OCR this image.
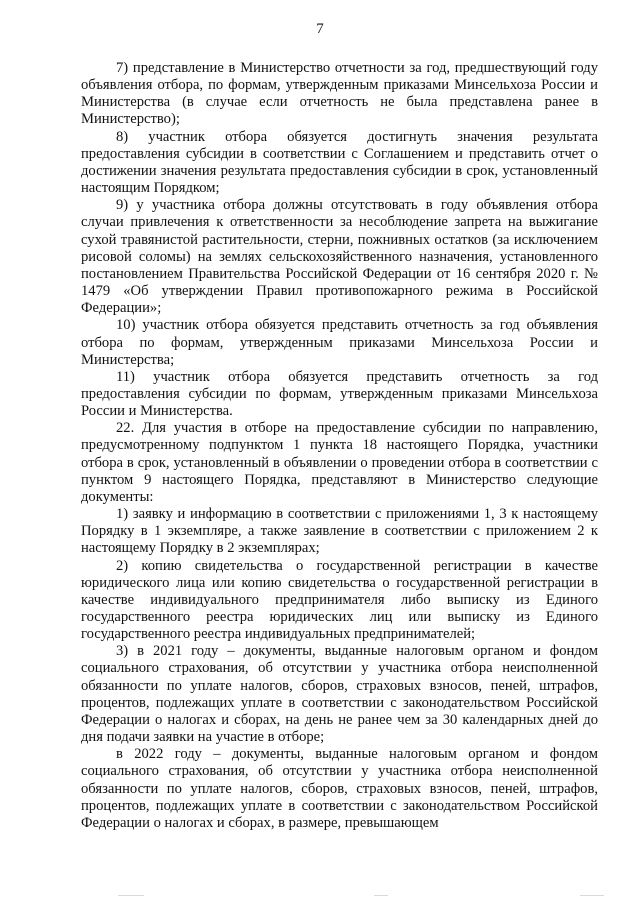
7

7) представление в Министерство отчетности за год, предшествующий году объявления отбора, по формам, утвержденным приказами Минсельхоза России и Министерства (в случае если отчетность не была представлена ранее в Министерство);

8) участник отбора обязуется достигнуть значения результата предоставления субсидии в соответствии с Соглашением и представить отчет о достижении значения результата предоставления субсидии в срок, установленный настоящим Порядком;

9) у участника отбора должны отсутствовать в году объявления отбора случаи привлечения к ответственности за несоблюдение запрета на выжигание сухой травянистой растительности, стерни, пожнивных остатков (за исключением рисовой соломы) на землях сельскохозяйственного назначения, установленного постановлением Правительства Российской Федерации от 16 сентября 2020 г. № 1479 «Об утверждении Правил противопожарного режима в Российской Федерации»;

10) участник отбора обязуется представить отчетность за год объявления отбора по формам, утвержденным приказами Минсельхоза России и Министерства;

11) участник отбора обязуется представить отчетность за год предоставления субсидии по формам, утвержденным приказами Минсельхоза России и Министерства.

22. Для участия в отборе на предоставление субсидии по направлению, предусмотренному подпунктом 1 пункта 18 настоящего Порядка, участники отбора в срок, установленный в объявлении о проведении отбора в соответствии с пунктом 9 настоящего Порядка, представляют в Министерство следующие документы:

1) заявку и информацию в соответствии с приложениями 1, 3 к настоящему Порядку в 1 экземпляре, а также заявление в соответствии с приложением 2 к настоящему Порядку в 2 экземплярах;

2) копию свидетельства о государственной регистрации в качестве юридического лица или копию свидетельства о государственной регистрации в качестве индивидуального предпринимателя либо выписку из Единого государственного реестра юридических лиц или выписку из Единого государственного реестра индивидуальных предпринимателей;

3) в 2021 году – документы, выданные налоговым органом и фондом социального страхования, об отсутствии у участника отбора неисполненной обязанности по уплате налогов, сборов, страховых взносов, пеней, штрафов, процентов, подлежащих уплате в соответствии с законодательством Российской Федерации о налогах и сборах, на день не ранее чем за 30 календарных дней до дня подачи заявки на участие в отборе;

в 2022 году – документы, выданные налоговым органом и фондом социального страхования, об отсутствии у участника отбора неисполненной обязанности по уплате налогов, сборов, страховых взносов, пеней, штрафов, процентов, подлежащих уплате в соответствии с законодательством Российской Федерации о налогах и сборах, в размере, превышающем
